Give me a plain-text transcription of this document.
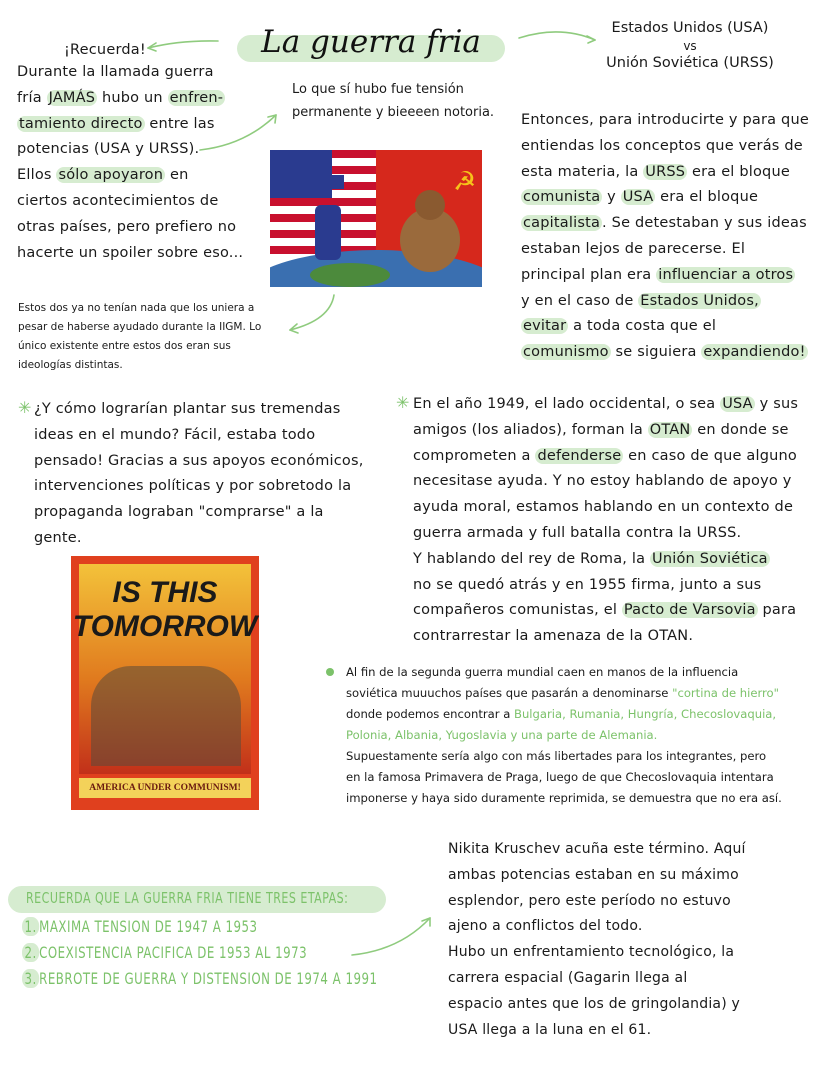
La guerra fria	Estados Unidos (USA)
vs
Unión Soviética (URSS)
¡Recuerda!
Durante la llamada guerra
fría JAMÁS hubo un enfren-
tamiento directo entre las
potencias (USA y URSS).
Ellos sólo apoyaron en
ciertos acontecimientos de
otras países, pero prefiero no
hacerte un spoiler sobre eso...
Lo que sí hubo fue tensión
permanente y bieeeen notoria.
Estos dos ya no tenían nada que los uniera a
pesar de haberse ayudado durante la IIGM. Lo
único existente entre estos dos eran sus
ideologías distintas.
Entonces, para introducirte y para que
entiendas los conceptos que verás de
esta materia, la URSS era el bloque
comunista y USA era el bloque
capitalista . Se detestaban y sus ideas
estaban lejos de parecerse. El
principal plan era influenciar a otros
y en el caso de Estados Unidos,
evitar a toda costa que el
comunismo se siguiera expandiendo!
✳ ¿Y cómo lograrían plantar sus tremendas
ideas en el mundo? Fácil, estaba todo
pensado! Gracias a sus apoyos económicos,
intervenciones políticas y por sobretodo la
propaganda lograban "comprarse" a la
gente.
✳ En el año 1949, el lado occidental, o sea USA y sus
amigos (los aliados), forman la OTAN en donde se
comprometen a defenderse en caso de que alguno
necesitase ayuda. Y no estoy hablando de apoyo y
ayuda moral, estamos hablando en un contexto de
guerra armada y full batalla contra la URSS.
Y hablando del rey de Roma, la Unión Soviética
no se quedó atrás y en 1955 firma, junto a sus
compañeros comunistas, el Pacto de Varsovia para
contrarrestar la amenaza de la OTAN.
Al fin de la segunda guerra mundial caen en manos de la influencia
soviética muuuchos países que pasarán a denominarse "cortina de hierro"
donde podemos encontrar a Bulgaria, Rumania, Hungría, Checoslovaquia,
Polonia, Albania, Yugoslavia y una parte de Alemania.
Supuestamente sería algo con más libertades para los integrantes, pero
en la famosa Primavera de Praga, luego de que Checoslovaquia intentara
imponerse y haya sido duramente reprimida, se demuestra que no era así.
Nikita Kruschev acuña este término. Aquí
ambas potencias estaban en su máximo
esplendor, pero este período no estuvo
ajeno a conflictos del todo.
Hubo un enfrentamiento tecnológico, la
carrera espacial (Gagarin llega al
espacio antes que los de gringolandia) y
USA llega a la luna en el 61.
☭
IS THIS
TOMORROW
AMERICA UNDER COMMUNISM!
RECUERDA QUE LA GUERRA FRIA TIENE TRES ETAPAS:
1. MAXIMA TENSION DE 1947 A 1953
2. COEXISTENCIA PACIFICA DE 1953 AL 1973
3. REBROTE DE GUERRA Y DISTENSION DE 1974 A 1991
